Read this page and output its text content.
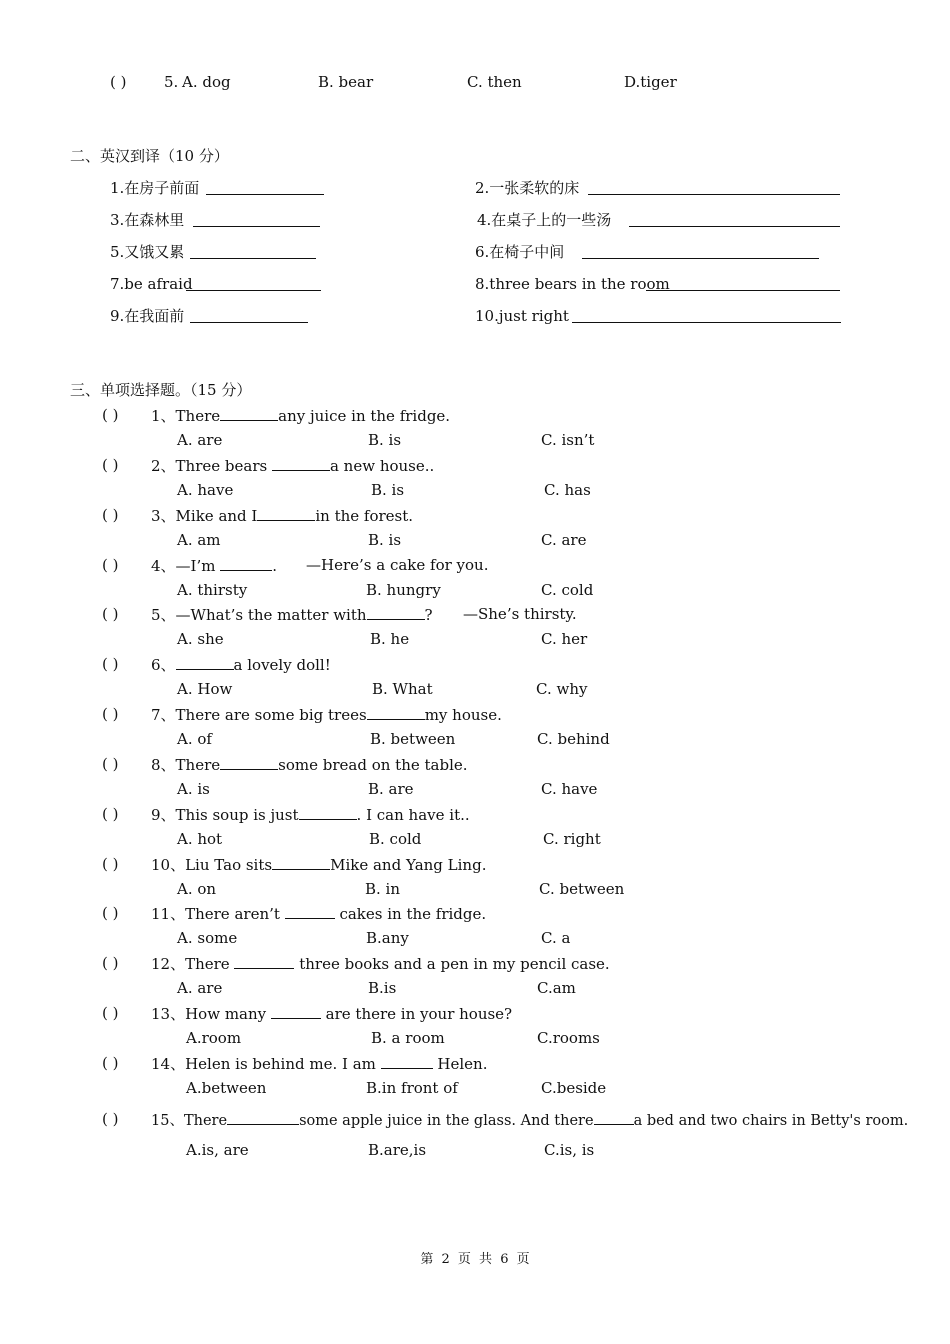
( )	5. A. dog	B. bear	C. then	D.tiger
二、英汉到译（10 分）
1.在房子前面	2.一张柔软的床
3.在森林里	4.在桌子上的一些汤
5.又饿又累	6.在椅子中间
7.be afraid	8.three bears in the room
9.在我面前	10.just right
三、单项选择题。（15 分）
( ) 1、There	any juice in the fridge.
A. are	B. is	C. isn’t
( ) 2、Three bears	a new house..
A. have	B. is	C. has
( ) 3、Mike and I	in the forest.
A. am	B. is	C. are
( ) 4、—I’m	. —Here’s a cake for you.
A. thirsty	B. hungry	C. cold
( ) 5、—What’s the matter with	? —She’s thirsty.
A. she	B. he	C. her
( ) 6、	a lovely doll!
A. How	B. What	C. why
( ) 7、There are some big trees	my house.
A. of	B. between	C. behind
( ) 8、There	some bread on the table.
A. is	B. are	C. have
( ) 9、This soup is just	. I can have it..
A. hot	B. cold	C. right
( ) 10、Liu Tao sits	Mike and Yang Ling.
A. on	B. in	C. between
( ) 11、There aren’t	cakes in the fridge.
A. some	B.any	C. a
( ) 12、There	three books and a pen in my pencil case.
A. are	B.is	C.am
( ) 13、How many	are there in your house?
A.room	B. a room	C.rooms
( ) 14、Helen is behind me. I am	Helen.
A.between	B.in front of	C.beside
( ) 15、There	some apple juice in the glass. And there	a bed and two chairs in Betty's room.
A.is, are	B.are,is	C.is, is
第 2 页 共 6 页
